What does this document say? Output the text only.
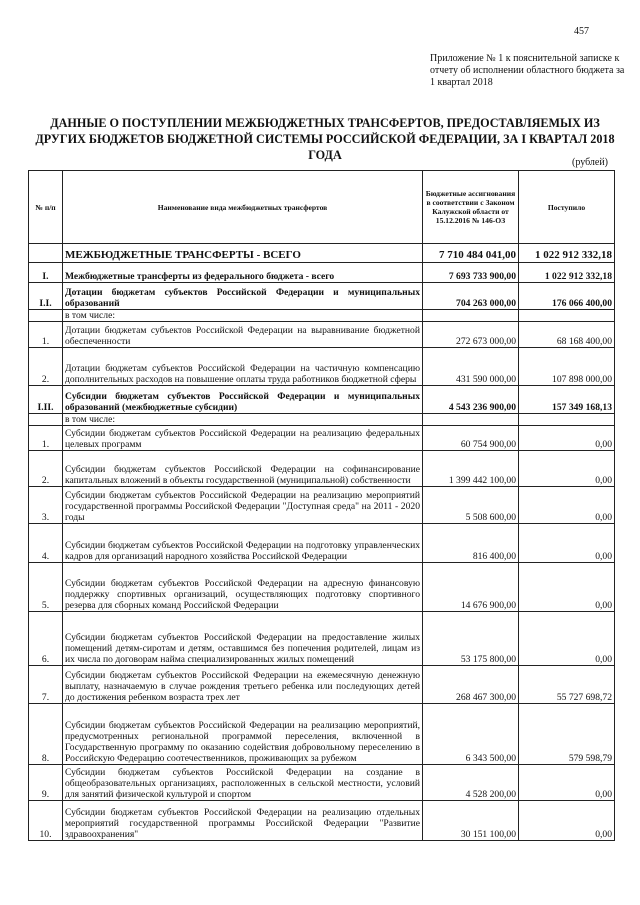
457
Приложение № 1 к пояснительной записке к отчету об исполнении областного бюджета за 1 квартал 2018
ДАННЫЕ О ПОСТУПЛЕНИИ МЕЖБЮДЖЕТНЫХ ТРАНСФЕРТОВ, ПРЕДОСТАВЛЯЕМЫХ ИЗ ДРУГИХ БЮДЖЕТОВ БЮДЖЕТНОЙ СИСТЕМЫ РОССИЙСКОЙ ФЕДЕРАЦИИ, ЗА I КВАРТАЛ 2018 ГОДА
(рублей)
№ п/п	Наименование вида межбюджетных трансфертов	Бюджетные ассигнования в соответствии с Законом Калужской области от 15.12.2016 № 146-ОЗ	Поступило
	МЕЖБЮДЖЕТНЫЕ ТРАНСФЕРТЫ - ВСЕГО	7 710 484 041,00	1 022 912 332,18
I.	Межбюджетные трансферты из федерального бюджета - всего	7 693 733 900,00	1 022 912 332,18
I.I.	Дотации бюджетам субъектов Российской Федерации и муниципальных образований	704 263 000,00	176 066 400,00
	в том числе:		
1.	Дотации бюджетам субъектов Российской Федерации на выравнивание бюджетной обеспеченности	272 673 000,00	68 168 400,00
2.	Дотации бюджетам субъектов Российской Федерации на частичную компенсацию дополнительных расходов на повышение оплаты труда работников бюджетной сферы	431 590 000,00	107 898 000,00
I.II.	Субсидии бюджетам субъектов Российской Федерации и муниципальных образований (межбюджетные субсидии)	4 543 236 900,00	157 349 168,13
	в том числе:		
1.	Субсидии бюджетам субъектов Российской Федерации на реализацию федеральных целевых программ	60 754 900,00	0,00
2.	Субсидии бюджетам субъектов Российской Федерации на софинансирование капитальных вложений в объекты государственной (муниципальной) собственности	1 399 442 100,00	0,00
3.	Субсидии бюджетам субъектов Российской Федерации на реализацию мероприятий государственной программы Российской Федерации "Доступная среда" на 2011 - 2020 годы	5 508 600,00	0,00
4.	Субсидии бюджетам субъектов Российской Федерации на подготовку управленческих кадров для организаций народного хозяйства Российской Федерации	816 400,00	0,00
5.	Субсидии бюджетам субъектов Российской Федерации на адресную финансовую поддержку спортивных организаций, осуществляющих подготовку спортивного резерва для сборных команд Российской Федерации	14 676 900,00	0,00
6.	Субсидии бюджетам субъектов Российской Федерации на предоставление жилых помещений детям-сиротам и детям, оставшимся без попечения родителей, лицам из их числа по договорам найма специализированных жилых помещений	53 175 800,00	0,00
7.	Субсидии бюджетам субъектов Российской Федерации на ежемесячную денежную выплату, назначаемую в случае рождения третьего ребенка или последующих детей до достижения ребенком возраста трех лет	268 467 300,00	55 727 698,72
8.	Субсидии бюджетам субъектов Российской Федерации на реализацию мероприятий, предусмотренных региональной программой переселения, включенной в Государственную программу по оказанию содействия добровольному переселению в Российскую Федерацию соотечественников, проживающих за рубежом	6 343 500,00	579 598,79
9.	Субсидии бюджетам субъектов Российской Федерации на создание в общеобразовательных организациях, расположенных в сельской местности, условий для занятий физической культурой и спортом	4 528 200,00	0,00
10.	Субсидии бюджетам субъектов Российской Федерации на реализацию отдельных мероприятий государственной программы Российской Федерации "Развитие здравоохранения"	30 151 100,00	0,00
